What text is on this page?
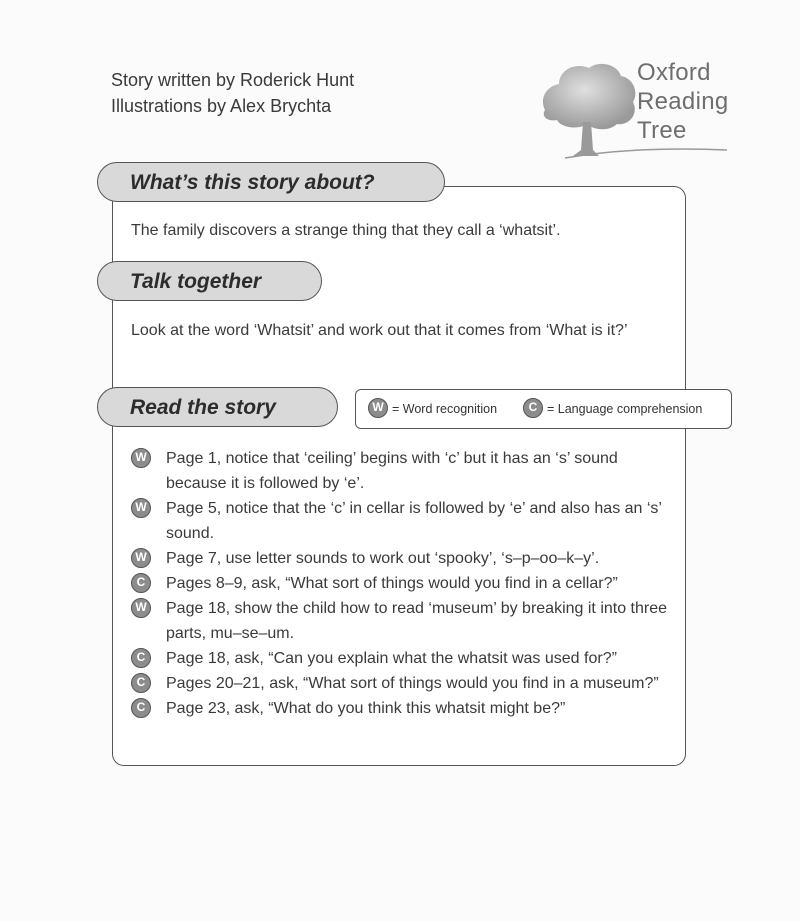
Story written by Roderick Hunt
Illustrations by Alex Brychta
Oxford
Reading
Tree
What’s this story about?
The family discovers a strange thing that they call a ‘whatsit’.
Talk together
Look at the word ‘Whatsit’ and work out that it comes from ‘What is it?’
Read the story	W = Word recognition	C = Language comprehension
W Page 1, notice that ‘ceiling’ begins with ‘c’ but it has an ‘s’ sound because it is followed by ‘e’.
W Page 5, notice that the ‘c’ in cellar is followed by ‘e’ and also has an ‘s’ sound.
W Page 7, use letter sounds to work out ‘spooky’, ‘s–p–oo–k–y’.
C	Pages 8–9, ask, “What sort of things would you find in a cellar?”
W Page 18, show the child how to read ‘museum’ by breaking it into three parts, mu–se–um.
C	Page 18, ask, “Can you explain what the whatsit was used for?”
C	Pages 20–21, ask, “What sort of things would you find in a museum?”
C	Page 23, ask, “What do you think this whatsit might be?”
